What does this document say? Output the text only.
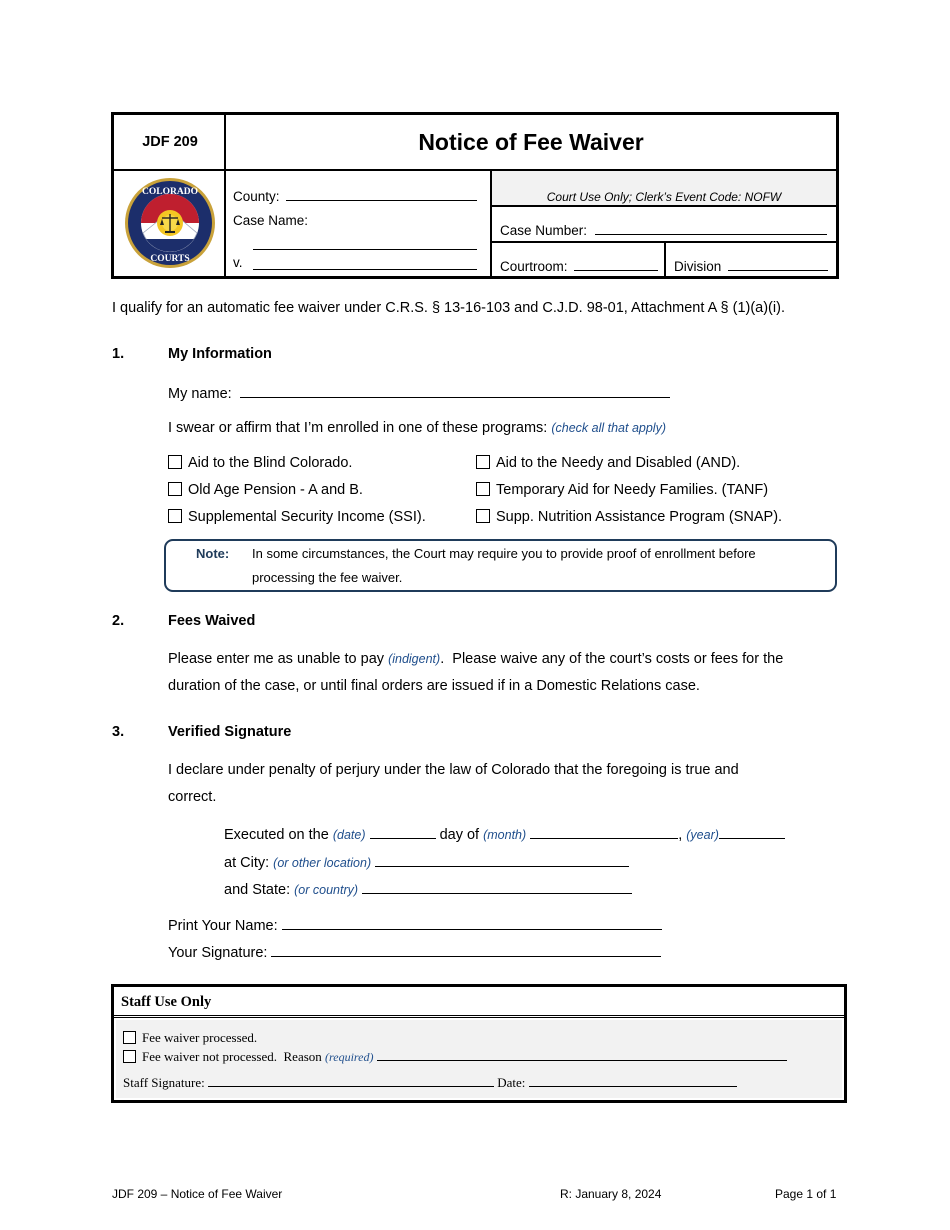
JDF 209
COLORADO
COURTS
Notice of Fee Waiver
County:
Case Name:
v.
Court Use Only; Clerk’s Event Code: NOFW
Case Number:
Courtroom:	Division
I qualify for an automatic fee waiver under C.R.S. § 13-16-103 and C.J.D. 98-01, Attachment A § (1)(a)(i).
1.	My Information
My name:
I swear or affirm that I’m enrolled in one of these programs: (check all that apply)
Aid to the Blind Colorado.
Old Age Pension - A and B.
Supplemental Security Income (SSI).
Aid to the Needy and Disabled (AND).
Temporary Aid for Needy Families. (TANF)
Supp. Nutrition Assistance Program (SNAP).
Note: In some circumstances, the Court may require you to provide proof of enrollment before
processing the fee waiver.
2.	Fees Waived
Please enter me as unable to pay (indigent).  Please waive any of the court’s costs or fees for the
duration of the case, or until final orders are issued if in a Domestic Relations case.
3.	Verified Signature
I declare under penalty of perjury under the law of Colorado that the foregoing is true and
correct.
Executed on the (date)	day of (month)	, (year)
at City: (or other location)
and State: (or country)
Print Your Name:
Your Signature:
Staff Use Only
Fee waiver processed.
Fee waiver not processed.  Reason (required)
Staff Signature:	Date:
JDF 209 – Notice of Fee Waiver	R: January 8, 2024	Page 1 of 1
